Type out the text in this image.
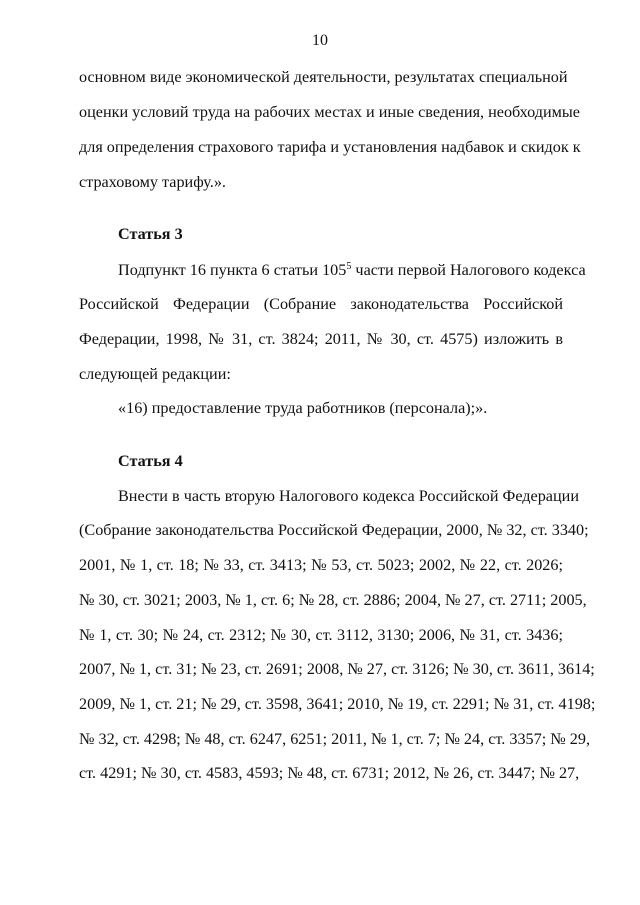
10
основном виде экономической деятельности, результатах специальной
оценки условий труда на рабочих местах и иные сведения, необходимые
для определения страхового тарифа и установления надбавок и скидок к
страховому тарифу.».
Статья 3
Подпункт 16 пункта 6 статьи $105^5$ части первой Налогового кодекса
Российской Федерации (Собрание законодательства Российской
Федерации, 1998, № 31, ст. 3824; 2011, № 30, ст. 4575) изложить в
следующей редакции:
«16) предоставление труда работников (персонала);».
Статья 4
Внести в часть вторую Налогового кодекса Российской Федерации
(Собрание законодательства Российской Федерации, 2000, № 32, ст. 3340;
2001, № 1, ст. 18; № 33, ст. 3413; № 53, ст. 5023; 2002, № 22, ст. 2026;
№ 30, ст. 3021; 2003, № 1, ст. 6; № 28, ст. 2886; 2004, № 27, ст. 2711; 2005,
№ 1, ст. 30; № 24, ст. 2312; № 30, ст. 3112, 3130; 2006, № 31, ст. 3436;
2007, № 1, ст. 31; № 23, ст. 2691; 2008, № 27, ст. 3126; № 30, ст. 3611, 3614;
2009, № 1, ст. 21; № 29, ст. 3598, 3641; 2010, № 19, ст. 2291; № 31, ст. 4198;
№ 32, ст. 4298; № 48, ст. 6247, 6251; 2011, № 1, ст. 7; № 24, ст. 3357; № 29,
ст. 4291; № 30, ст. 4583, 4593; № 48, ст. 6731; 2012, № 26, ст. 3447; № 27,
